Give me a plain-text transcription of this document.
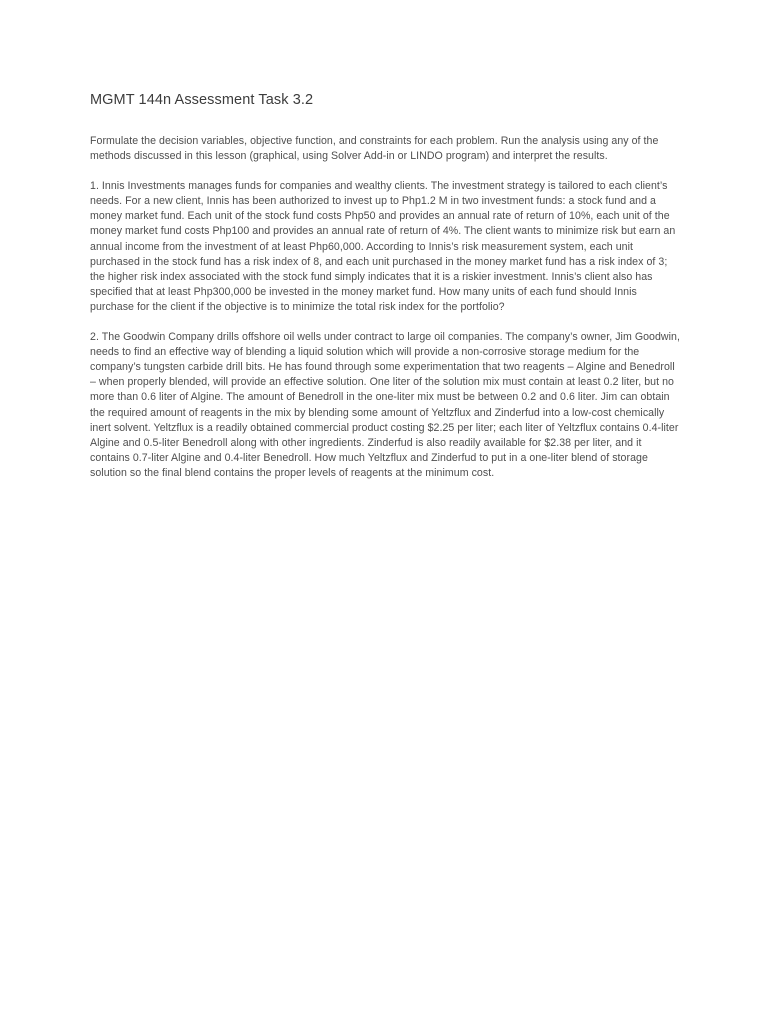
MGMT 144n Assessment Task 3.2

Formulate the decision variables, objective function, and constraints for each problem. Run the analysis using any of the methods discussed in this lesson (graphical, using Solver Add-in or LINDO program) and interpret the results.

1. Innis Investments manages funds for companies and wealthy clients. The investment strategy is tailored to each client’s needs. For a new client, Innis has been authorized to invest up to Php1.2 M in two investment funds: a stock fund and a money market fund. Each unit of the stock fund costs Php50 and provides an annual rate of return of 10%, each unit of the money market fund costs Php100 and provides an annual rate of return of 4%. The client wants to minimize risk but earn an annual income from the investment of at least Php60,000. According to Innis’s risk measurement system, each unit purchased in the stock fund has a risk index of 8, and each unit purchased in the money market fund has a risk index of 3; the higher risk index associated with the stock fund simply indicates that it is a riskier investment. Innis’s client also has specified that at least Php300,000 be invested in the money market fund. How many units of each fund should Innis purchase for the client if the objective is to minimize the total risk index for the portfolio?

2. The Goodwin Company drills offshore oil wells under contract to large oil companies. The company’s owner, Jim Goodwin, needs to find an effective way of blending a liquid solution which will provide a non-corrosive storage medium for the company’s tungsten carbide drill bits. He has found through some experimentation that two reagents – Algine and Benedroll – when properly blended, will provide an effective solution. One liter of the solution mix must contain at least 0.2 liter, but no more than 0.6 liter of Algine. The amount of Benedroll in the one-liter mix must be between 0.2 and 0.6 liter. Jim can obtain the required amount of reagents in the mix by blending some amount of Yeltzflux and Zinderfud into a low-cost chemically inert solvent. Yeltzflux is a readily obtained commercial product costing $2.25 per liter; each liter of Yeltzflux contains 0.4-liter Algine and 0.5-liter Benedroll along with other ingredients. Zinderfud is also readily available for $2.38 per liter, and it contains 0.7-liter Algine and 0.4-liter Benedroll. How much Yeltzflux and Zinderfud to put in a one-liter blend of storage solution so the final blend contains the proper levels of reagents at the minimum cost.
